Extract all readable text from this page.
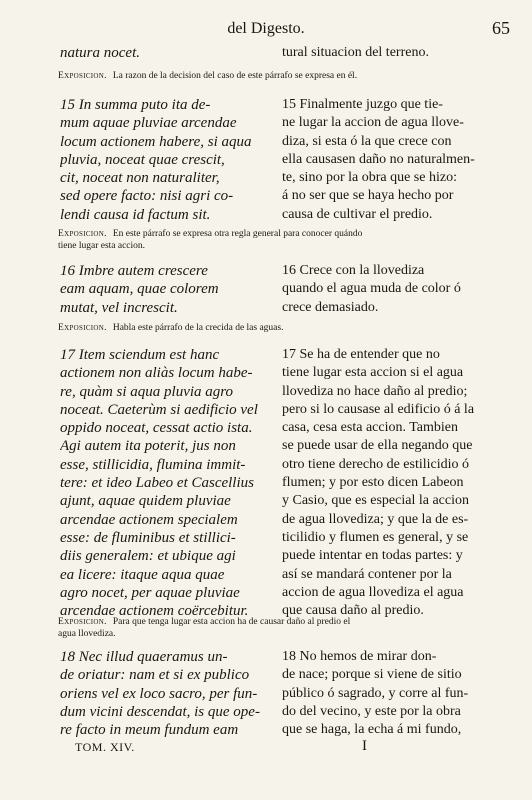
del Digesto.	65
natura nocet.	tural situacion del terreno.
Exposicion. La razon de la decision del caso de este párrafo se expresa en él.
15 In summa puto ita de-
mum aquae pluviae arcendae
locum actionem habere, si aqua
pluvia, noceat quae crescit,
cit, noceat non naturaliter,
sed opere facto: nisi agri co-
lendi causa id factum sit.
15 Finalmente juzgo que tie-
ne lugar la accion de agua llove-
diza, si esta ó la que crece con
ella causasen daño no naturalmen-
te, sino por la obra que se hizo:
á no ser que se haya hecho por
causa de cultivar el predio.
Exposicion. En este párrafo se expresa otra regla general para conocer quándo
tiene lugar esta accion.
16 Imbre autem crescere
eam aquam, quae colorem
mutat, vel increscit.
16 Crece con la llovediza
quando el agua muda de color ó
crece demasiado.
Exposicion. Habla este párrafo de la crecida de las aguas.
17 Item sciendum est hanc
actionem non aliàs locum habe-
re, quàm si aqua pluvia agro
noceat. Caeterùm si aedificio vel
oppido noceat, cessat actio ista.
Agi autem ita poterit, jus non
esse, stillicidia, flumina immit-
tere: et ideo Labeo et Cascellius
ajunt, aquae quidem pluviae
arcendae actionem specialem
esse: de fluminibus et stillici-
diis generalem: et ubique agi
ea licere: itaque aqua quae
agro nocet, per aquae pluviae
arcendae actionem coërcebitur.
17 Se ha de entender que no
tiene lugar esta accion si el agua
llovediza no hace daño al predio;
pero si lo causase al edificio ó á la
casa, cesa esta accion. Tambien
se puede usar de ella negando que
otro tiene derecho de estilicidio ó
flumen; y por esto dicen Labeon
y Casio, que es especial la accion
de agua llovediza; y que la de es-
ticilidio y flumen es general, y se
puede intentar en todas partes: y
así se mandará contener por la
accion de agua llovediza el agua
que causa daño al predio.
Exposicion. Para que tenga lugar esta accion ha de causar daño al predio el
agua llovediza.
18 Nec illud quaeramus un-
de oriatur: nam et si ex publico
oriens vel ex loco sacro, per fun-
dum vicini descendat, is que ope-
re facto in meum fundum eam
18 No hemos de mirar don-
de nace; porque si viene de sitio
público ó sagrado, y corre al fun-
do del vecino, y este por la obra
que se haga, la echa á mi fundo,
TOM. XIV.	I
